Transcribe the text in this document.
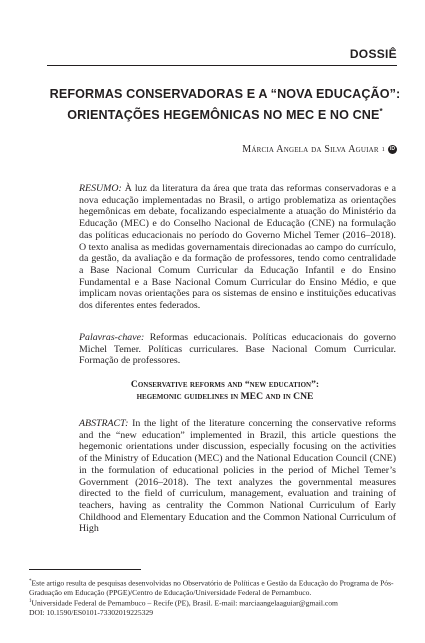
DOSSIÊ
REFORMAS CONSERVADORAS E A “NOVA EDUCAÇÃO”:
ORIENTAÇÕES HEGEMÔNICAS NO MEC E NO CNE*
Márcia Angela da Silva Aguiar 1 iD
RESUMO: À luz da literatura da área que trata das reformas conservadoras e a nova educação implementadas no Brasil, o artigo problematiza as orientações hegemônicas em debate, focalizando especialmente a atuação do Ministério da Educação (MEC) e do Conselho Nacional de Educação (CNE) na formulação das políticas educacionais no período do Governo Michel Temer (2016–2018). O texto analisa as medidas governamentais direcionadas ao campo do currículo, da gestão, da avaliação e da formação de professores, tendo como centralidade a Base Nacional Comum Curricular da Educação Infantil e do Ensino Fundamental e a Base Nacional Comum Curricular do Ensino Médio, e que implicam novas orientações para os sistemas de ensino e instituições educativas dos diferentes entes federados.
Palavras-chave: Reformas educacionais. Políticas educacionais do governo Michel Temer. Políticas curriculares. Base Nacional Comum Curricular. Formação de professores.
Conservative reforms and “new education”:
hegemonic guidelines in MEC and in CNE
ABSTRACT: In the light of the literature concerning the conservative reforms and the “new education” implemented in Brazil, this article questions the hegemonic orientations under discussion, especially focusing on the activities of the Ministry of Education (MEC) and the National Education Council (CNE) in the formulation of educational policies in the period of Michel Temer’s Government (2016–2018). The text analyzes the governmental measures directed to the field of curriculum, management, evaluation and training of teachers, having as centrality the Common National Curriculum of Early Childhood and Elementary Education and the Common National Curriculum of High

*Este artigo resulta de pesquisas desenvolvidas no Observatório de Políticas e Gestão da Educação do Programa de Pós-Graduação em Educação (PPGE)/Centro de Educação/Universidade Federal de Pernambuco.

$^1$Universidade Federal de Pernambuco – Recife (PE), Brasil. E-mail: marciaangelaaguiar@gmail.com

DOI: 10.1590/ES0101-73302019225329
